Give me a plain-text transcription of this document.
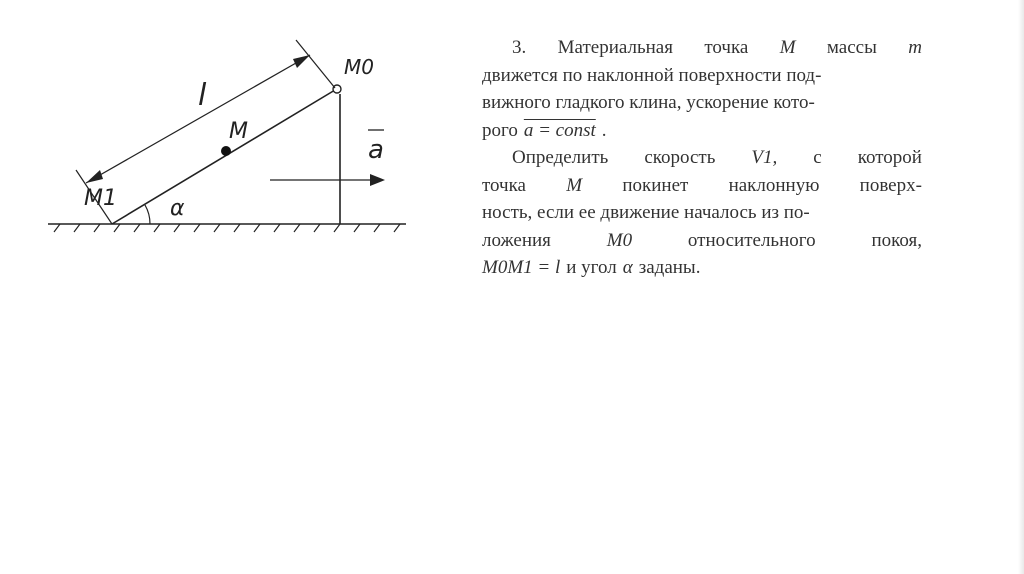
l
M
M0
M1 α
a
3. Материальная точка M массы m
движется по наклонной поверхности под-
вижного гладкого клина, ускорение кото-
рого a = const .
Определить скорость V1, с которой
точка M покинет наклонную поверх-
ность, если ее движение началось из по-
ложения	M0	относительного	покоя,
M0M1 = l и угол α заданы.
